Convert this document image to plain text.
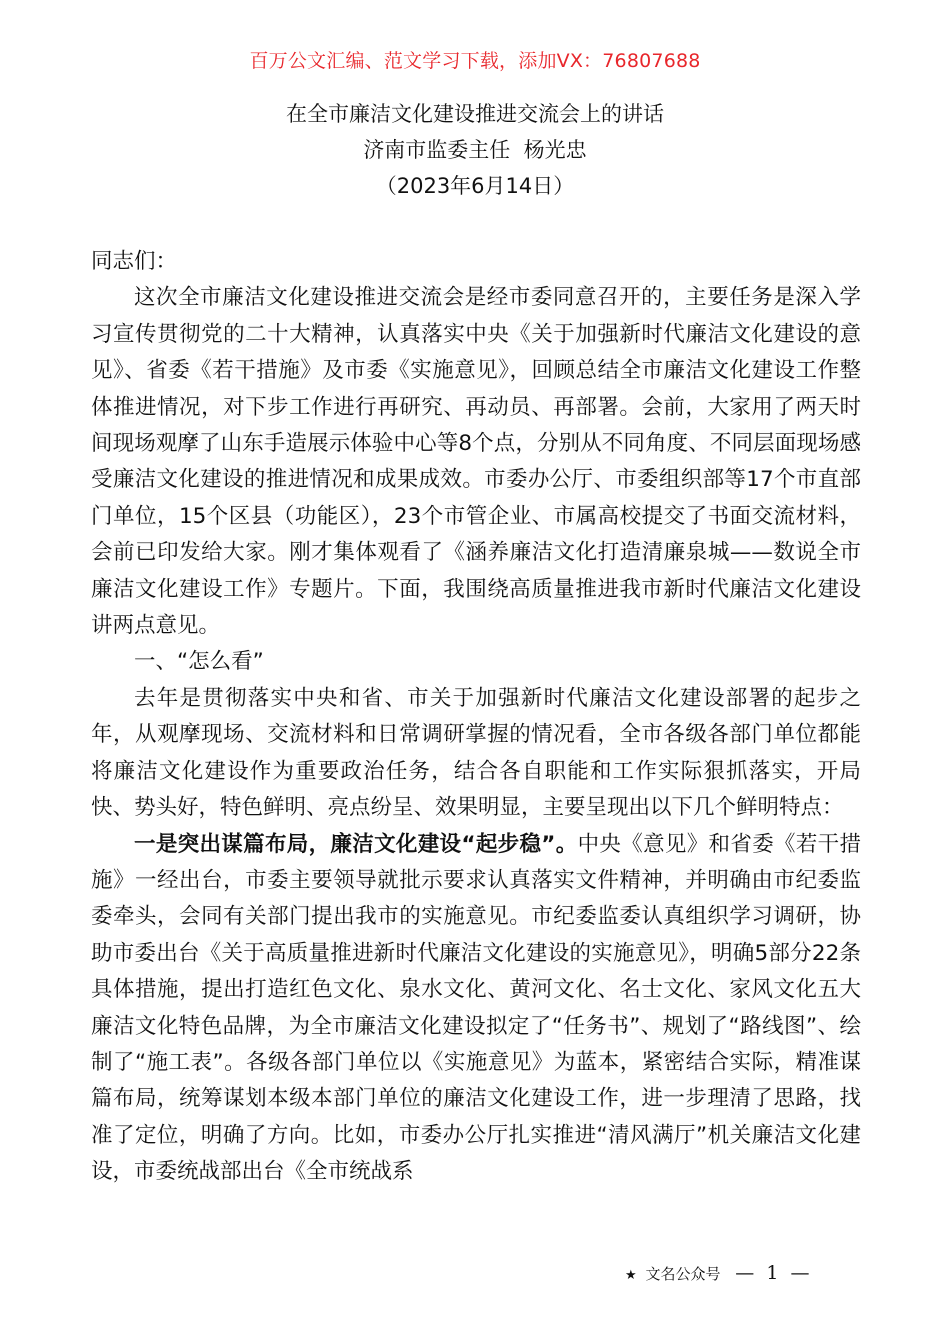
百万公文汇编、范文学习下载，添加VX：76807688
在全市廉洁文化建设推进交流会上的讲话
济南市监委主任  杨光忠
（2023年6月14日）

同志们：

这次全市廉洁文化建设推进交流会是经市委同意召开的，主要任务是深入学习宣传贯彻党的二十大精神，认真落实中央《关于加强新时代廉洁文化建设的意见》、省委《若干措施》及市委《实施意见》，回顾总结全市廉洁文化建设工作整体推进情况，对下步工作进行再研究、再动员、再部署。会前，大家用了两天时间现场观摩了山东手造展示体验中心等8个点，分别从不同角度、不同层面现场感受廉洁文化建设的推进情况和成果成效。市委办公厅、市委组织部等17个市直部门单位，15个区县（功能区），23个市管企业、市属高校提交了书面交流材料，会前已印发给大家。刚才集体观看了《涵养廉洁文化打造清廉泉城——数说全市廉洁文化建设工作》专题片。下面，我围绕高质量推进我市新时代廉洁文化建设讲两点意见。

一、“怎么看”

去年是贯彻落实中央和省、市关于加强新时代廉洁文化建设部署的起步之年，从观摩现场、交流材料和日常调研掌握的情况看，全市各级各部门单位都能将廉洁文化建设作为重要政治任务，结合各自职能和工作实际狠抓落实，开局快、势头好，特色鲜明、亮点纷呈、效果明显，主要呈现出以下几个鲜明特点：

一是突出谋篇布局，廉洁文化建设“起步稳”。中央《意见》和省委《若干措施》一经出台，市委主要领导就批示要求认真落实文件精神，并明确由市纪委监委牵头，会同有关部门提出我市的实施意见。市纪委监委认真组织学习调研，协助市委出台《关于高质量推进新时代廉洁文化建设的实施意见》，明确5部分22条具体措施，提出打造红色文化、泉水文化、黄河文化、名士文化、家风文化五大廉洁文化特色品牌，为全市廉洁文化建设拟定了“任务书”、规划了“路线图”、绘制了“施工表”。各级各部门单位以《实施意见》为蓝本，紧密结合实际，精准谋篇布局，统筹谋划本级本部门单位的廉洁文化建设工作，进一步理清了思路，找准了定位，明确了方向。比如，市委办公厅扎实推进“清风满厅”机关廉洁文化建设，市委统战部出台《全市统战系

★ 文名公众号 — 1 —
